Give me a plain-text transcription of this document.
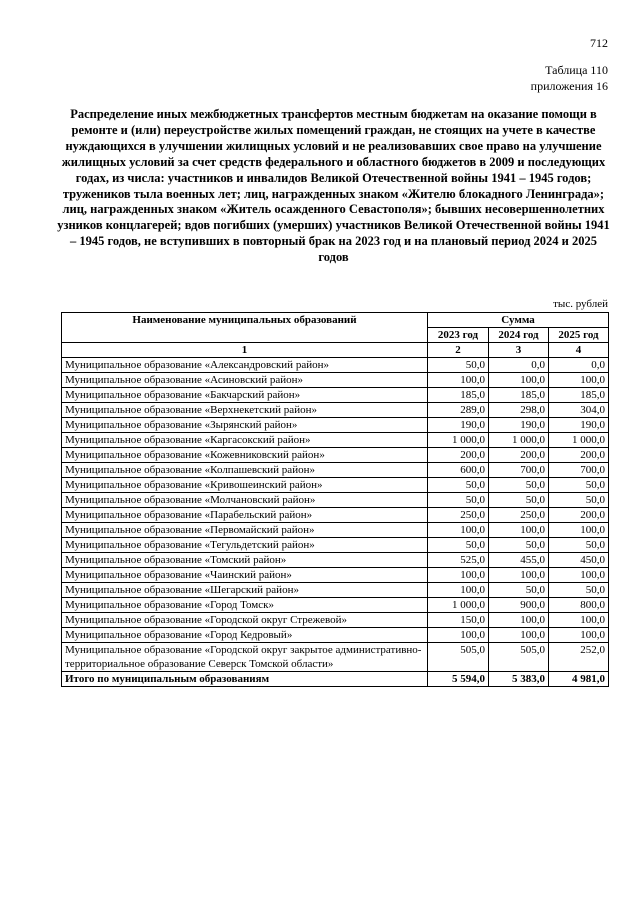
712
Таблица 110
приложения 16
Распределение иных межбюджетных трансфертов местным бюджетам на оказание помощи в ремонте и (или) переустройстве жилых помещений граждан, не стоящих на учете в качестве нуждающихся в улучшении жилищных условий и не реализовавших свое право на улучшение жилищных условий за счет средств федерального и областного бюджетов в 2009 и последующих годах, из числа: участников и инвалидов Великой Отечественной войны 1941 – 1945 годов; тружеников тыла военных лет; лиц, награжденных знаком «Жителю блокадного Ленинграда»; лиц, награжденных знаком «Житель осажденного Севастополя»; бывших несовершеннолетних узников концлагерей; вдов погибших (умерших) участников Великой Отечественной войны 1941 – 1945 годов, не вступивших в повторный брак на 2023 год и на плановый период 2024 и 2025 годов
тыс. рублей
Наименование муниципальных образований	Сумма		
	2023 год	2024 год	2025 год
1	2	3	4
Муниципальное образование «Александровский район»	50,0	0,0	0,0
Муниципальное образование «Асиновский район»	100,0	100,0	100,0
Муниципальное образование «Бакчарский район»	185,0	185,0	185,0
Муниципальное образование «Верхнекетский район»	289,0	298,0	304,0
Муниципальное образование «Зырянский район»	190,0	190,0	190,0
Муниципальное образование «Каргасокский район»	1 000,0	1 000,0	1 000,0
Муниципальное образование «Кожевниковский район»	200,0	200,0	200,0
Муниципальное образование «Колпашевский район»	600,0	700,0	700,0
Муниципальное образование «Кривошеинский район»	50,0	50,0	50,0
Муниципальное образование «Молчановский район»	50,0	50,0	50,0
Муниципальное образование «Парабельский район»	250,0	250,0	200,0
Муниципальное образование «Первомайский район»	100,0	100,0	100,0
Муниципальное образование «Тегульдетский район»	50,0	50,0	50,0
Муниципальное образование «Томский район»	525,0	455,0	450,0
Муниципальное образование «Чаинский район»	100,0	100,0	100,0
Муниципальное образование «Шегарский район»	100,0	50,0	50,0
Муниципальное образование «Город Томск»	1 000,0	900,0	800,0
Муниципальное образование «Городской округ Стрежевой»	150,0	100,0	100,0
Муниципальное образование «Город Кедровый»	100,0	100,0	100,0
Муниципальное образование «Городской округ закрытое административно-территориальное образование Северск Томской области»	505,0	505,0	252,0
Итого по муниципальным образованиям	5 594,0	5 383,0	4 981,0
